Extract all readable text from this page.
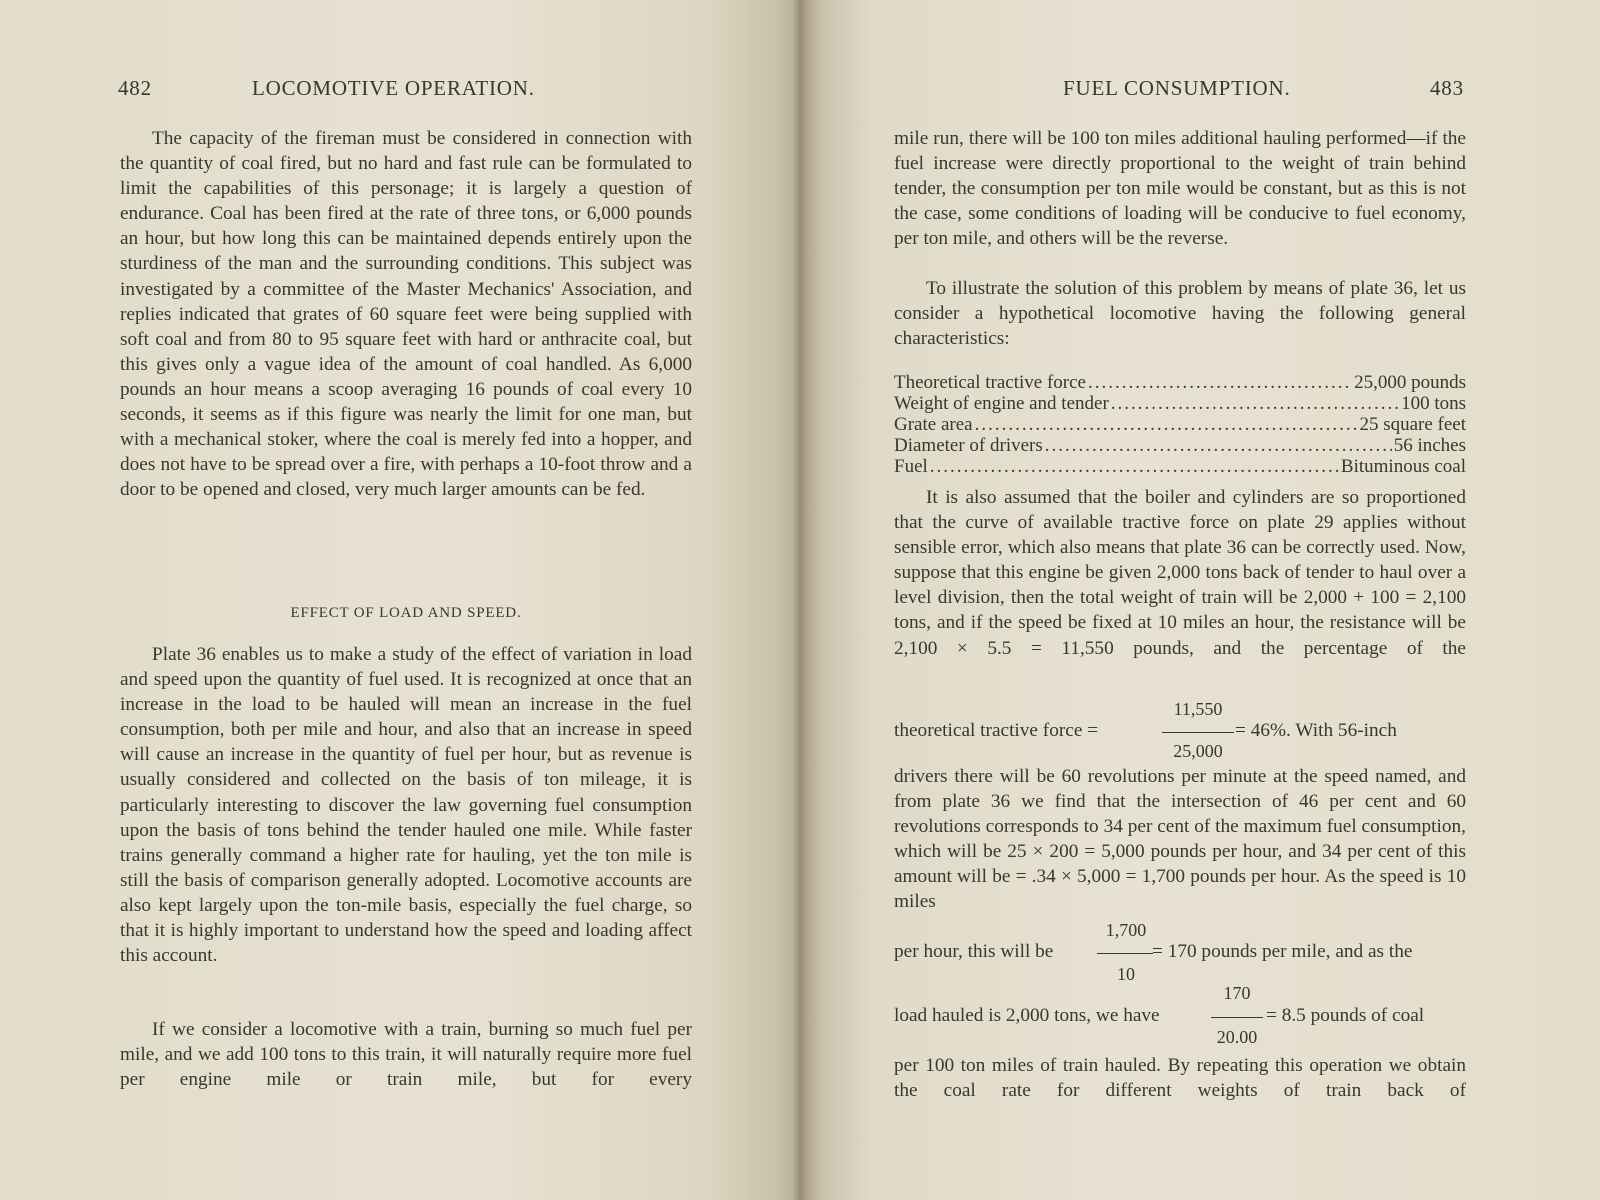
482	LOCOMOTIVE OPERATION.

The capacity of the fireman must be considered in connection with the quantity of coal fired, but no hard and fast rule can be formulated to limit the capabilities of this personage; it is largely a question of endurance. Coal has been fired at the rate of three tons, or 6,000 pounds an hour, but how long this can be maintained depends entirely upon the sturdiness of the man and the surrounding conditions. This subject was investigated by a committee of the Master Mechanics' Association, and replies indicated that grates of 60 square feet were being supplied with soft coal and from 80 to 95 square feet with hard or anthracite coal, but this gives only a vague idea of the amount of coal handled. As 6,000 pounds an hour means a scoop averaging 16 pounds of coal every 10 seconds, it seems as if this figure was nearly the limit for one man, but with a mechanical stoker, where the coal is merely fed into a hopper, and does not have to be spread over a fire, with perhaps a 10-foot throw and a door to be opened and closed, very much larger amounts can be fed.

EFFECT OF LOAD AND SPEED.

Plate 36 enables us to make a study of the effect of variation in load and speed upon the quantity of fuel used. It is recognized at once that an increase in the load to be hauled will mean an increase in the fuel consumption, both per mile and hour, and also that an increase in speed will cause an increase in the quantity of fuel per hour, but as revenue is usually considered and collected on the basis of ton mileage, it is particularly interesting to discover the law governing fuel consumption upon the basis of tons behind the tender hauled one mile. While faster trains generally command a higher rate for hauling, yet the ton mile is still the basis of comparison generally adopted. Locomotive accounts are also kept largely upon the ton-mile basis, especially the fuel charge, so that it is highly important to understand how the speed and loading affect this account.

If we consider a locomotive with a train, burning so much fuel per mile, and we add 100 tons to this train, it will naturally require more fuel per engine mile or train mile, but for every

FUEL CONSUMPTION.	483

mile run, there will be 100 ton miles additional hauling performed—if the fuel increase were directly proportional to the weight of train behind tender, the consumption per ton mile would be constant, but as this is not the case, some conditions of loading will be conducive to fuel economy, per ton mile, and others will be the reverse.

To illustrate the solution of this problem by means of plate 36, let us consider a hypothetical locomotive having the following general characteristics:

Theoretical tractive force .....	25,000 pounds
Weight of engine and tender .....	100 tons
Grate area .....	25 square feet
Diameter of drivers .....	56 inches
Fuel .....	Bituminous coal

It is also assumed that the boiler and cylinders are so proportioned that the curve of available tractive force on plate 29 applies without sensible error, which also means that plate 36 can be correctly used. Now, suppose that this engine be given 2,000 tons back of tender to haul over a level division, then the total weight of train will be 2,000 + 100 = 2,100 tons, and if the speed be fixed at 10 miles an hour, the resistance will be 2,100 × 5.5 = 11,550 pounds, and the percentage of the

theoretical tractive force =
11,550
25,000
= 46%. With 56-inch

drivers there will be 60 revolutions per minute at the speed named, and from plate 36 we find that the intersection of 46 per cent and 60 revolutions corresponds to 34 per cent of the maximum fuel consumption, which will be 25 × 200 = 5,000 pounds per hour, and 34 per cent of this amount will be = .34 × 5,000 = 1,700 pounds per hour. As the speed is 10 miles

per hour, this will be
1,700
10
= 170 pounds per mile, and as the
load hauled is 2,000 tons, we have
170
20.00
= 8.5 pounds of coal

per 100 ton miles of train hauled. By repeating this operation we obtain the coal rate for different weights of train back of
